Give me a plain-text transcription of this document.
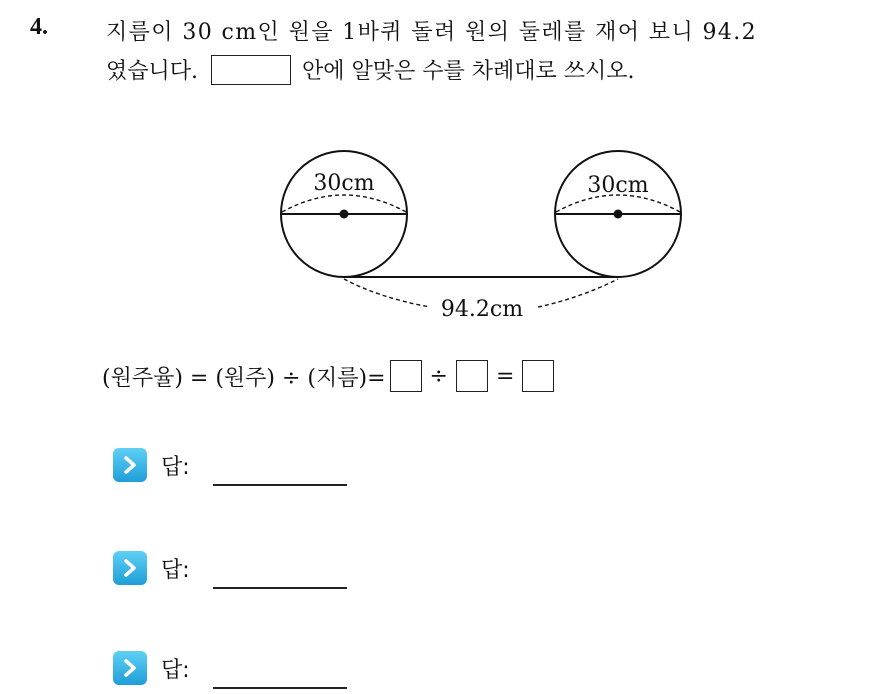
4.	지름이 30 cm인 원을 1바퀴 돌려 원의 둘레를 재어 보니 94.2
였습니다.	안에 알맞은 수를 차례대로 쓰시오.
30cm	30cm
94.2cm
(원주율) = (원주) ÷ (지름)= ÷ =
답:
답:
답:
